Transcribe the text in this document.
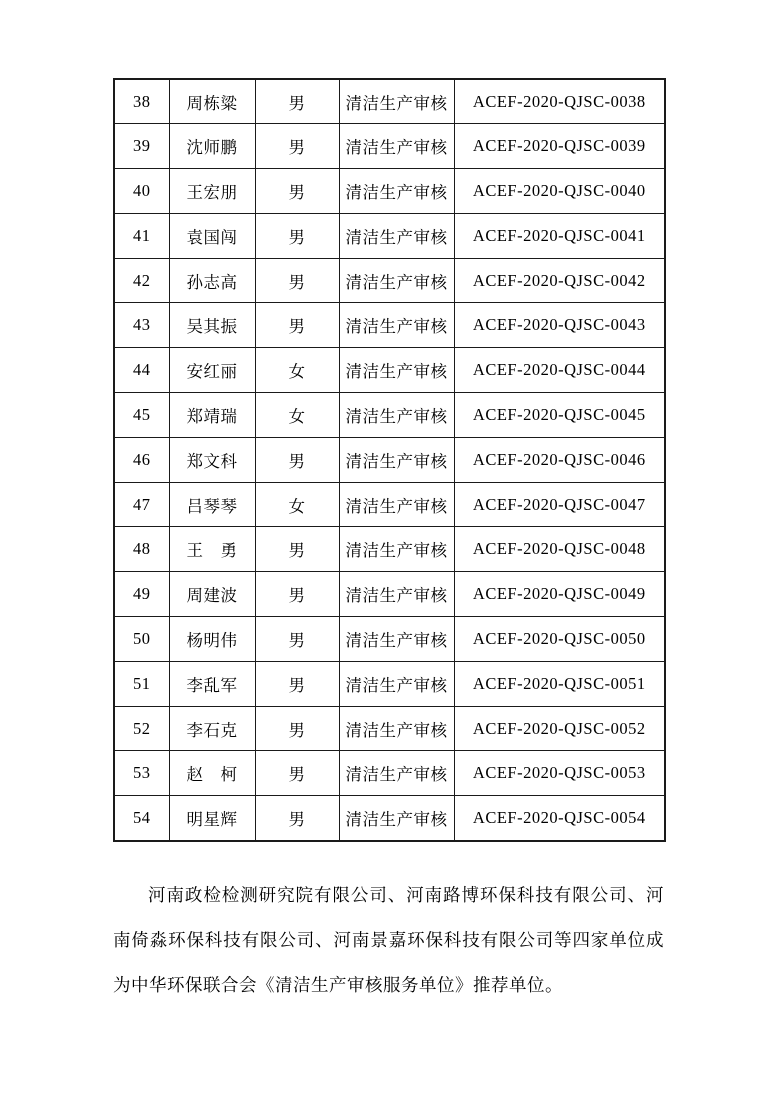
38	周栋粱	男	清洁生产审核	ACEF-2020-QJSC-0038
39	沈师鹏	男	清洁生产审核	ACEF-2020-QJSC-0039
40	王宏朋	男	清洁生产审核	ACEF-2020-QJSC-0040
41	袁国闯	男	清洁生产审核	ACEF-2020-QJSC-0041
42	孙志高	男	清洁生产审核	ACEF-2020-QJSC-0042
43	吴其振	男	清洁生产审核	ACEF-2020-QJSC-0043
44	安红丽	女	清洁生产审核	ACEF-2020-QJSC-0044
45	郑靖瑞	女	清洁生产审核	ACEF-2020-QJSC-0045
46	郑文科	男	清洁生产审核	ACEF-2020-QJSC-0046
47	吕琴琴	女	清洁生产审核	ACEF-2020-QJSC-0047
48	王　勇	男	清洁生产审核	ACEF-2020-QJSC-0048
49	周建波	男	清洁生产审核	ACEF-2020-QJSC-0049
50	杨明伟	男	清洁生产审核	ACEF-2020-QJSC-0050
51	李乱军	男	清洁生产审核	ACEF-2020-QJSC-0051
52	李石克	男	清洁生产审核	ACEF-2020-QJSC-0052
53	赵　柯	男	清洁生产审核	ACEF-2020-QJSC-0053
54	明星辉	男	清洁生产审核	ACEF-2020-QJSC-0054

河南政检检测研究院有限公司、河南路博环保科技有限公司、河南倚淼环保科技有限公司、河南景嘉环保科技有限公司等四家单位成为中华环保联合会《清洁生产审核服务单位》推荐单位。
